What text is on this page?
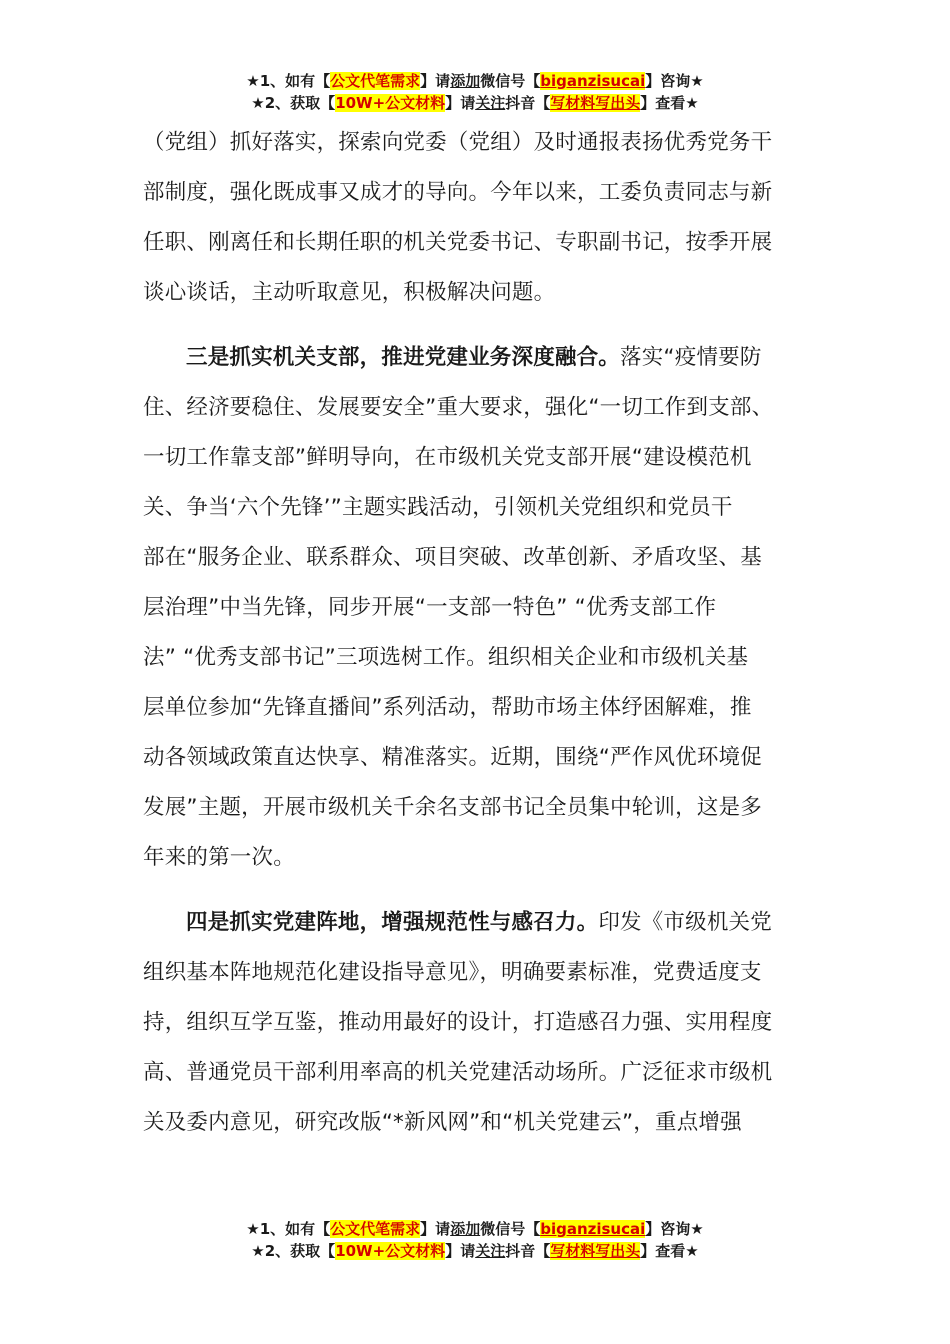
★1、如有【公文代笔需求】请添加微信号【biganzisucai】咨询★
★2、获取【10W+公文材料】请关注抖音【写材料写出头】查看★
（党组）抓好落实，探索向党委（党组）及时通报表扬优秀党务干
部制度，强化既成事又成才的导向。今年以来，工委负责同志与新
任职、刚离任和长期任职的机关党委书记、专职副书记，按季开展
谈心谈话，主动听取意见，积极解决问题。
三是抓实机关支部，推进党建业务深度融合。落实“疫情要防
住、经济要稳住、发展要安全”重大要求，强化“一切工作到支部、
一切工作靠支部”鲜明导向，在市级机关党支部开展“建设模范机
关、争当‘六个先锋’”主题实践活动，引领机关党组织和党员干
部在“服务企业、联系群众、项目突破、改革创新、矛盾攻坚、基
层治理”中当先锋，同步开展“一支部一特色” “优秀支部工作
法” “优秀支部书记”三项选树工作。组织相关企业和市级机关基
层单位参加“先锋直播间”系列活动，帮助市场主体纾困解难，推
动各领域政策直达快享、精准落实。近期，围绕“严作风优环境促
发展”主题，开展市级机关千余名支部书记全员集中轮训，这是多
年来的第一次。
四是抓实党建阵地，增强规范性与感召力。印发《市级机关党
组织基本阵地规范化建设指导意见》，明确要素标准，党费适度支
持，组织互学互鉴，推动用最好的设计，打造感召力强、实用程度
高、普通党员干部利用率高的机关党建活动场所。广泛征求市级机
关及委内意见，研究改版“*新风网”和“机关党建云”，重点增强
★1、如有【公文代笔需求】请添加微信号【biganzisucai】咨询★
★2、获取【10W+公文材料】请关注抖音【写材料写出头】查看★
